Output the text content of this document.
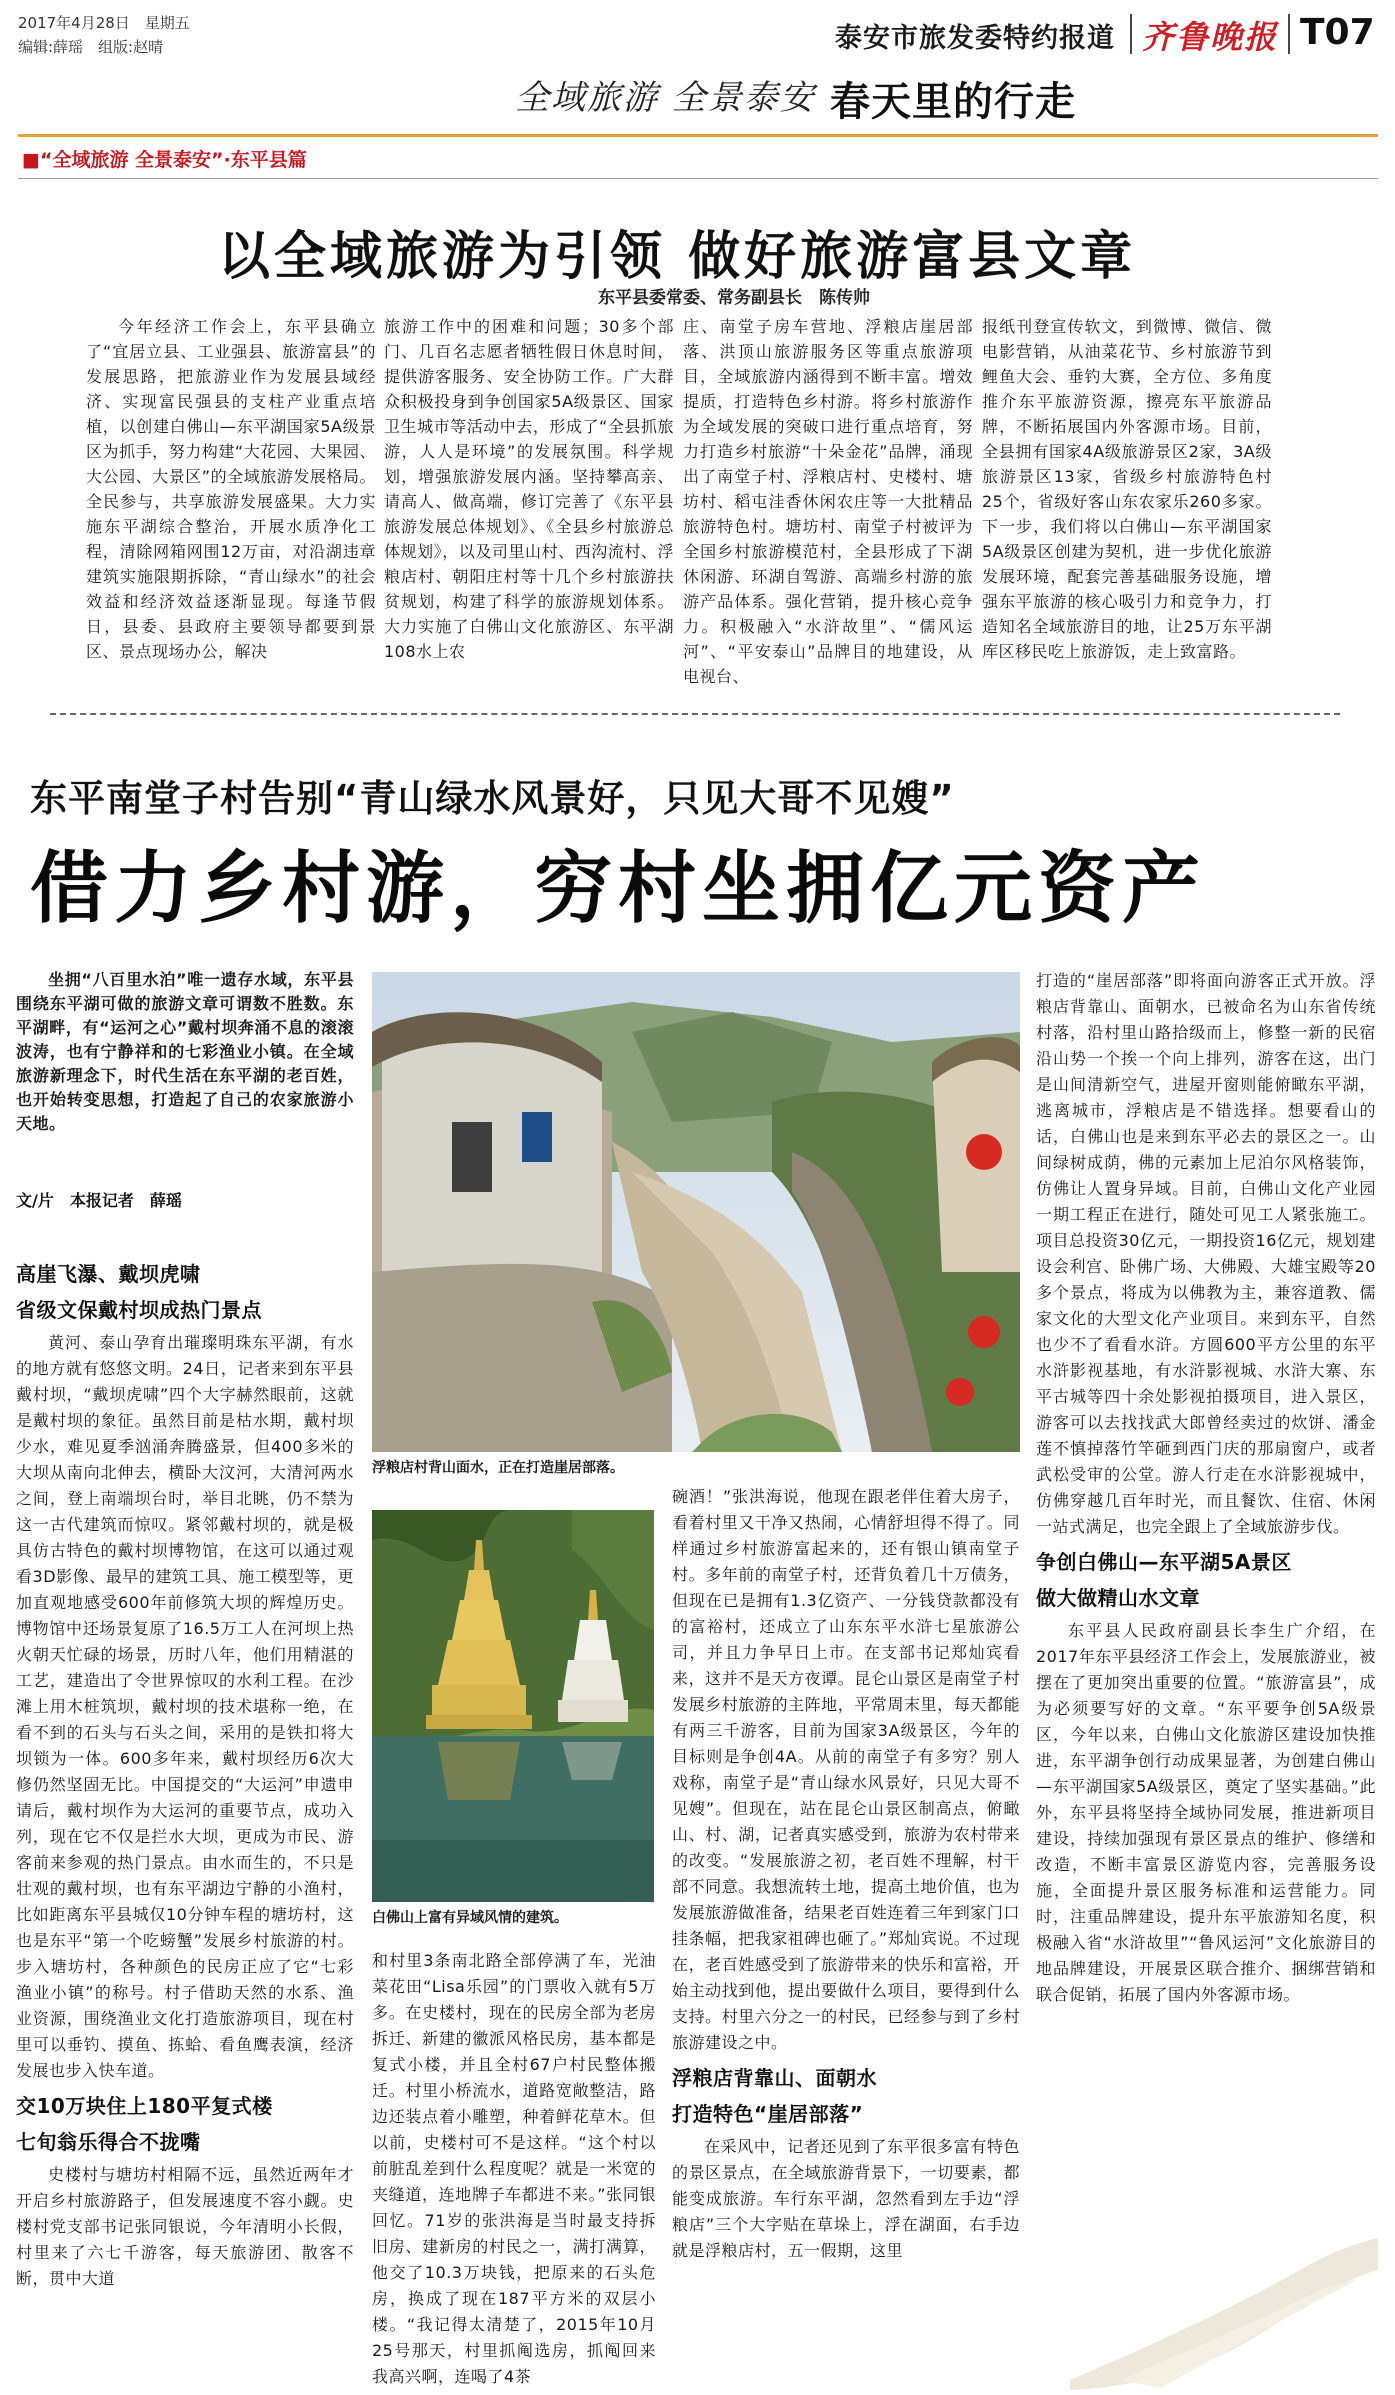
2017年4月28日　星期五
编辑:薛瑶　组版:赵晴	泰安市旅发委特约报道 齐鲁晚报 T07
全域旅游 全景泰安 春天里的行走
■“全域旅游 全景泰安”·东平县篇
以全域旅游为引领 做好旅游富县文章
东平县委常委、常务副县长　陈传帅

今年经济工作会上，东平县确立了“宜居立县、工业强县、旅游富县”的发展思路，把旅游业作为发展县域经济、实现富民强县的支柱产业重点培植，以创建白佛山—东平湖国家5A级景区为抓手，努力构建“大花园、大果园、大公园、大景区”的全域旅游发展格局。全民参与，共享旅游发展盛果。大力实施东平湖综合整治，开展水质净化工程，清除网箱网围12万亩，对沿湖违章建筑实施限期拆除，“青山绿水”的社会效益和经济效益逐渐显现。每逢节假日，县委、县政府主要领导都要到景区、景点现场办公，解决

旅游工作中的困难和问题；30多个部门、几百名志愿者牺牲假日休息时间，提供游客服务、安全协防工作。广大群众积极投身到争创国家5A级景区、国家卫生城市等活动中去，形成了“全县抓旅游，人人是环境”的发展氛围。科学规划，增强旅游发展内涵。坚持攀高亲、请高人、做高端，修订完善了《东平县旅游发展总体规划》、《全县乡村旅游总体规划》，以及司里山村、西沟流村、浮粮店村、朝阳庄村等十几个乡村旅游扶贫规划，构建了科学的旅游规划体系。大力实施了白佛山文化旅游区、东平湖108水上农

庄、南堂子房车营地、浮粮店崖居部落、洪顶山旅游服务区等重点旅游项目，全域旅游内涵得到不断丰富。增效提质，打造特色乡村游。将乡村旅游作为全域发展的突破口进行重点培育，努力打造乡村旅游“十朵金花”品牌，涌现出了南堂子村、浮粮店村、史楼村、塘坊村、稻屯洼香休闲农庄等一大批精品旅游特色村。塘坊村、南堂子村被评为全国乡村旅游模范村，全县形成了下湖休闲游、环湖自驾游、高端乡村游的旅游产品体系。强化营销，提升核心竞争力。积极融入“水浒故里”、“儒风运河”、“平安泰山”品牌目的地建设，从电视台、

报纸刊登宣传软文，到微博、微信、微电影营销，从油菜花节、乡村旅游节到鲤鱼大会、垂钓大赛，全方位、多角度推介东平旅游资源，擦亮东平旅游品牌，不断拓展国内外客源市场。目前，全县拥有国家4A级旅游景区2家，3A级旅游景区13家，省级乡村旅游特色村25个，省级好客山东农家乐260多家。下一步，我们将以白佛山—东平湖国家5A级景区创建为契机，进一步优化旅游发展环境，配套完善基础服务设施，增强东平旅游的核心吸引力和竞争力，打造知名全域旅游目的地，让25万东平湖库区移民吃上旅游饭，走上致富路。

东平南堂子村告别“青山绿水风景好，只见大哥不见嫂”
借力乡村游，穷村坐拥亿元资产

坐拥“八百里水泊”唯一遗存水域，东平县围绕东平湖可做的旅游文章可谓数不胜数。东平湖畔，有“运河之心”戴村坝奔涌不息的滚滚波涛，也有宁静祥和的七彩渔业小镇。在全域旅游新理念下，时代生活在东平湖的老百姓，也开始转变思想，打造起了自己的农家旅游小天地。

文/片　本报记者　薛瑶

高崖飞瀑、戴坝虎啸

省级文保戴村坝成热门景点

黄河、泰山孕育出璀璨明珠东平湖，有水的地方就有悠悠文明。24日，记者来到东平县戴村坝，“戴坝虎啸”四个大字赫然眼前，这就是戴村坝的象征。虽然目前是枯水期，戴村坝少水，难见夏季汹涌奔腾盛景，但400多米的大坝从南向北伸去，横卧大汶河，大清河两水之间，登上南端坝台时，举目北眺，仍不禁为这一古代建筑而惊叹。紧邻戴村坝的，就是极具仿古特色的戴村坝博物馆，在这可以通过观看3D影像、最早的建筑工具、施工模型等，更加直观地感受600年前修筑大坝的辉煌历史。博物馆中还场景复原了16.5万工人在河坝上热火朝天忙碌的场景，历时八年，他们用精湛的工艺，建造出了令世界惊叹的水利工程。在沙滩上用木桩筑坝，戴村坝的技术堪称一绝，在看不到的石头与石头之间，采用的是铁扣将大坝锁为一体。600多年来，戴村坝经历6次大修仍然坚固无比。中国提交的“大运河”申遗申请后，戴村坝作为大运河的重要节点，成功入列，现在它不仅是拦水大坝，更成为市民、游客前来参观的热门景点。由水而生的，不只是壮观的戴村坝，也有东平湖边宁静的小渔村，比如距离东平县城仅10分钟车程的塘坊村，这也是东平“第一个吃螃蟹”发展乡村旅游的村。步入塘坊村，各种颜色的民房正应了它“七彩渔业小镇”的称号。村子借助天然的水系、渔业资源，围绕渔业文化打造旅游项目，现在村里可以垂钓、摸鱼、拣蛤、看鱼鹰表演，经济发展也步入快车道。

交10万块住上180平复式楼

七旬翁乐得合不拢嘴

史楼村与塘坊村相隔不远，虽然近两年才开启乡村旅游路子，但发展速度不容小觑。史楼村党支部书记张同银说，今年清明小长假，村里来了六七千游客，每天旅游团、散客不断，贯中大道

浮粮店村背山面水，正在打造崖居部落。
白佛山上富有异域风情的建筑。

和村里3条南北路全部停满了车，光油菜花田“Lisa乐园”的门票收入就有5万多。在史楼村，现在的民房全部为老房拆迁、新建的徽派风格民房，基本都是复式小楼，并且全村67户村民整体搬迁。村里小桥流水，道路宽敞整洁，路边还装点着小雕塑，种着鲜花草木。但以前，史楼村可不是这样。“这个村以前脏乱差到什么程度呢？就是一米宽的夹缝道，连地牌子车都进不来。”张同银回忆。71岁的张洪海是当时最支持拆旧房、建新房的村民之一，满打满算，他交了10.3万块钱，把原来的石头危房，换成了现在187平方米的双层小楼。“我记得太清楚了，2015年10月25号那天，村里抓阄选房，抓阄回来我高兴啊，连喝了4茶

碗酒！”张洪海说，他现在跟老伴住着大房子，看着村里又干净又热闹，心情舒坦得不得了。同样通过乡村旅游富起来的，还有银山镇南堂子村。多年前的南堂子村，还背负着几十万债务，但现在已是拥有1.3亿资产、一分钱贷款都没有的富裕村，还成立了山东东平水浒七星旅游公司，并且力争早日上市。在支部书记郑灿宾看来，这并不是天方夜谭。昆仑山景区是南堂子村发展乡村旅游的主阵地，平常周末里，每天都能有两三千游客，目前为国家3A级景区，今年的目标则是争创4A。从前的南堂子有多穷？别人戏称，南堂子是“青山绿水风景好，只见大哥不见嫂”。但现在，站在昆仑山景区制高点，俯瞰山、村、湖，记者真实感受到，旅游为农村带来的改变。“发展旅游之初，老百姓不理解，村干部不同意。我想流转土地，提高土地价值，也为发展旅游做准备，结果老百姓连着三年到家门口挂条幅，把我家祖碑也砸了。”郑灿宾说。不过现在，老百姓感受到了旅游带来的快乐和富裕，开始主动找到他，提出要做什么项目，要得到什么支持。村里六分之一的村民，已经参与到了乡村旅游建设之中。

浮粮店背靠山、面朝水

打造特色“崖居部落”

在采风中，记者还见到了东平很多富有特色的景区景点，在全域旅游背景下，一切要素，都能变成旅游。车行东平湖，忽然看到左手边“浮粮店”三个大字贴在草垛上，浮在湖面，右手边就是浮粮店村，五一假期，这里

打造的“崖居部落”即将面向游客正式开放。浮粮店背靠山、面朝水，已被命名为山东省传统村落，沿村里山路拾级而上，修整一新的民宿沿山势一个挨一个向上排列，游客在这，出门是山间清新空气，进屋开窗则能俯瞰东平湖，逃离城市，浮粮店是不错选择。想要看山的话，白佛山也是来到东平必去的景区之一。山间绿树成荫，佛的元素加上尼泊尔风格装饰，仿佛让人置身异域。目前，白佛山文化产业园一期工程正在进行，随处可见工人紧张施工。项目总投资30亿元，一期投资16亿元，规划建设会利宫、卧佛广场、大佛殿、大雄宝殿等20多个景点，将成为以佛教为主，兼容道教、儒家文化的大型文化产业项目。来到东平，自然也少不了看看水浒。方圆600平方公里的东平水浒影视基地，有水浒影视城、水浒大寨、东平古城等四十余处影视拍摄项目，进入景区，游客可以去找找武大郎曾经卖过的炊饼、潘金莲不慎掉落竹竿砸到西门庆的那扇窗户，或者武松受审的公堂。游人行走在水浒影视城中，仿佛穿越几百年时光，而且餐饮、住宿、休闲一站式满足，也完全跟上了全域旅游步伐。

争创白佛山—东平湖5A景区

做大做精山水文章

东平县人民政府副县长李生广介绍，在2017年东平县经济工作会上，发展旅游业，被摆在了更加突出重要的位置。“旅游富县”，成为必须要写好的文章。“东平要争创5A级景区，今年以来，白佛山文化旅游区建设加快推进，东平湖争创行动成果显著，为创建白佛山—东平湖国家5A级景区，奠定了坚实基础。”此外，东平县将坚持全域协同发展，推进新项目建设，持续加强现有景区景点的维护、修缮和改造，不断丰富景区游览内容，完善服务设施，全面提升景区服务标准和运营能力。同时，注重品牌建设，提升东平旅游知名度，积极融入省“水浒故里”“鲁风运河”文化旅游目的地品牌建设，开展景区联合推介、捆绑营销和联合促销，拓展了国内外客源市场。
